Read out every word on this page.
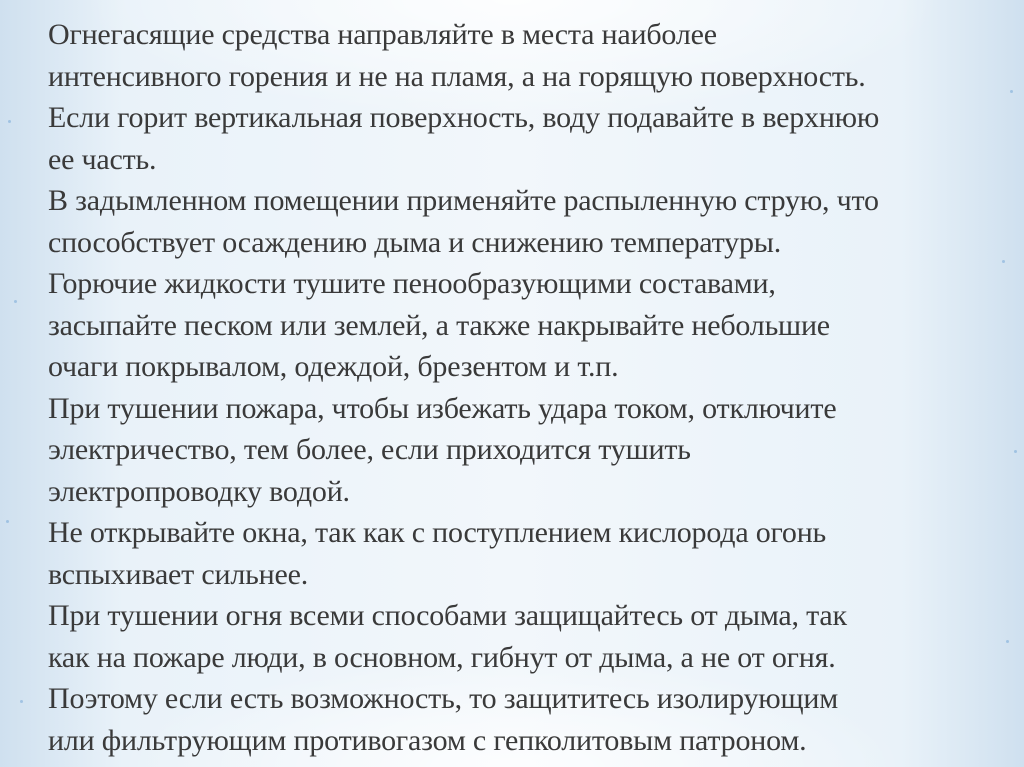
Огнегасящие средства направляйте в места наиболее
интенсивного горения и не на пламя, а на горящую поверхность.
Если горит вертикальная поверхность, воду подавайте в верхнюю
ее часть.
В задымленном помещении применяйте распыленную струю, что
способствует осаждению дыма и снижению температуры.
Горючие жидкости тушите пенообразующими составами,
засыпайте песком или землей, а также накрывайте небольшие
очаги покрывалом, одеждой, брезентом и т.п.
При тушении пожара, чтобы избежать удара током, отключите
электричество, тем более, если приходится тушить
электропроводку водой.
Не открывайте окна, так как с поступлением кислорода огонь
вспыхивает сильнее.
При тушении огня всеми способами защищайтесь от дыма, так
как на пожаре люди, в основном, гибнут от дыма, а не от огня.
Поэтому если есть возможность, то защититесь изолирующим
или фильтрующим противогазом с гепколитовым патроном.
